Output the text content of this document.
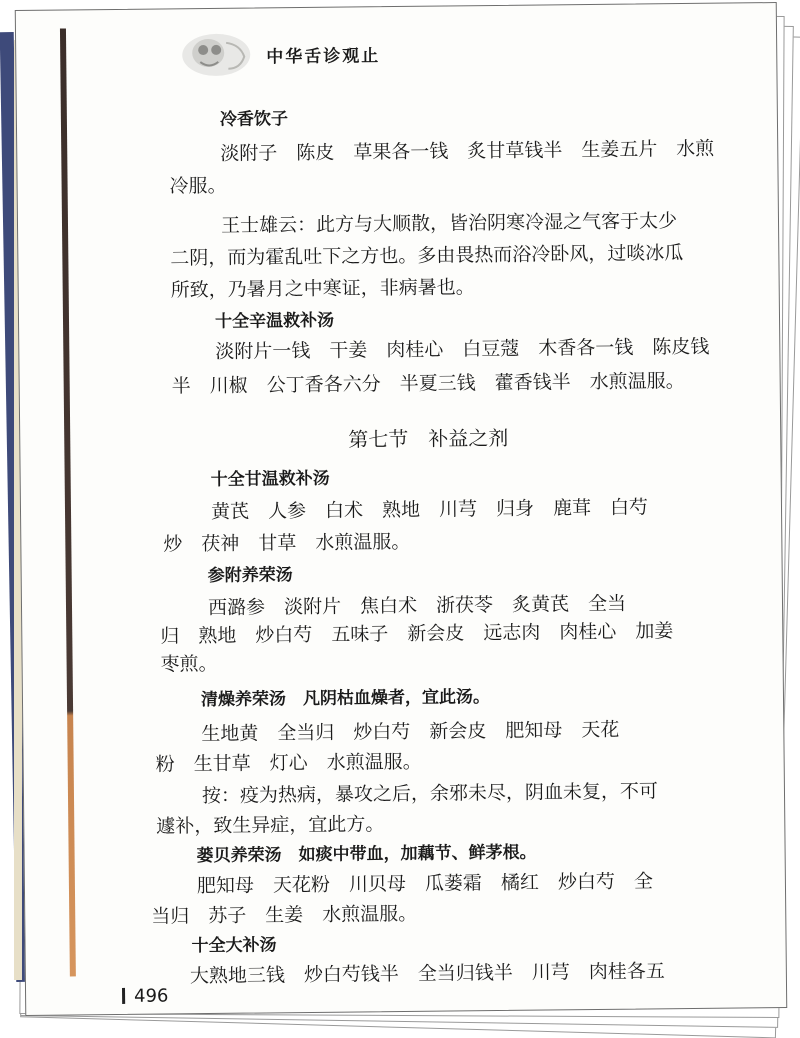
中华舌诊观止
冷香饮子
淡附子　陈皮　草果各一钱　炙甘草钱半　生姜五片　水煎
冷服。
王士雄云：此方与大顺散，皆治阴寒冷湿之气客于太少
二阴，而为霍乱吐下之方也。多由畏热而浴冷卧风，过啖冰瓜
所致，乃暑月之中寒证，非病暑也。
十全辛温救补汤
淡附片一钱　干姜　肉桂心　白豆蔻　木香各一钱　陈皮钱
半　川椒　公丁香各六分　半夏三钱　藿香钱半　水煎温服。
第七节　补益之剂
十全甘温救补汤
黄芪　人参　白术　熟地　川芎　归身　鹿茸　白芍
炒　茯神　甘草　水煎温服。
参附养荣汤
西潞参　淡附片　焦白术　浙茯苓　炙黄芪　全当
归　熟地　炒白芍　五味子　新会皮　远志肉　肉桂心　加姜
枣煎。
清燥养荣汤　凡阴枯血燥者，宜此汤。
生地黄　全当归　炒白芍　新会皮　肥知母　天花
粉　生甘草　灯心　水煎温服。
按：疫为热病，暴攻之后，余邪未尽，阴血未复，不可
遽补，致生异症，宜此方。
蒌贝养荣汤　如痰中带血，加藕节、鲜茅根。
肥知母　天花粉　川贝母　瓜蒌霜　橘红　炒白芍　全
当归　苏子　生姜　水煎温服。
十全大补汤
大熟地三钱　炒白芍钱半　全当归钱半　川芎　肉桂各五
496
